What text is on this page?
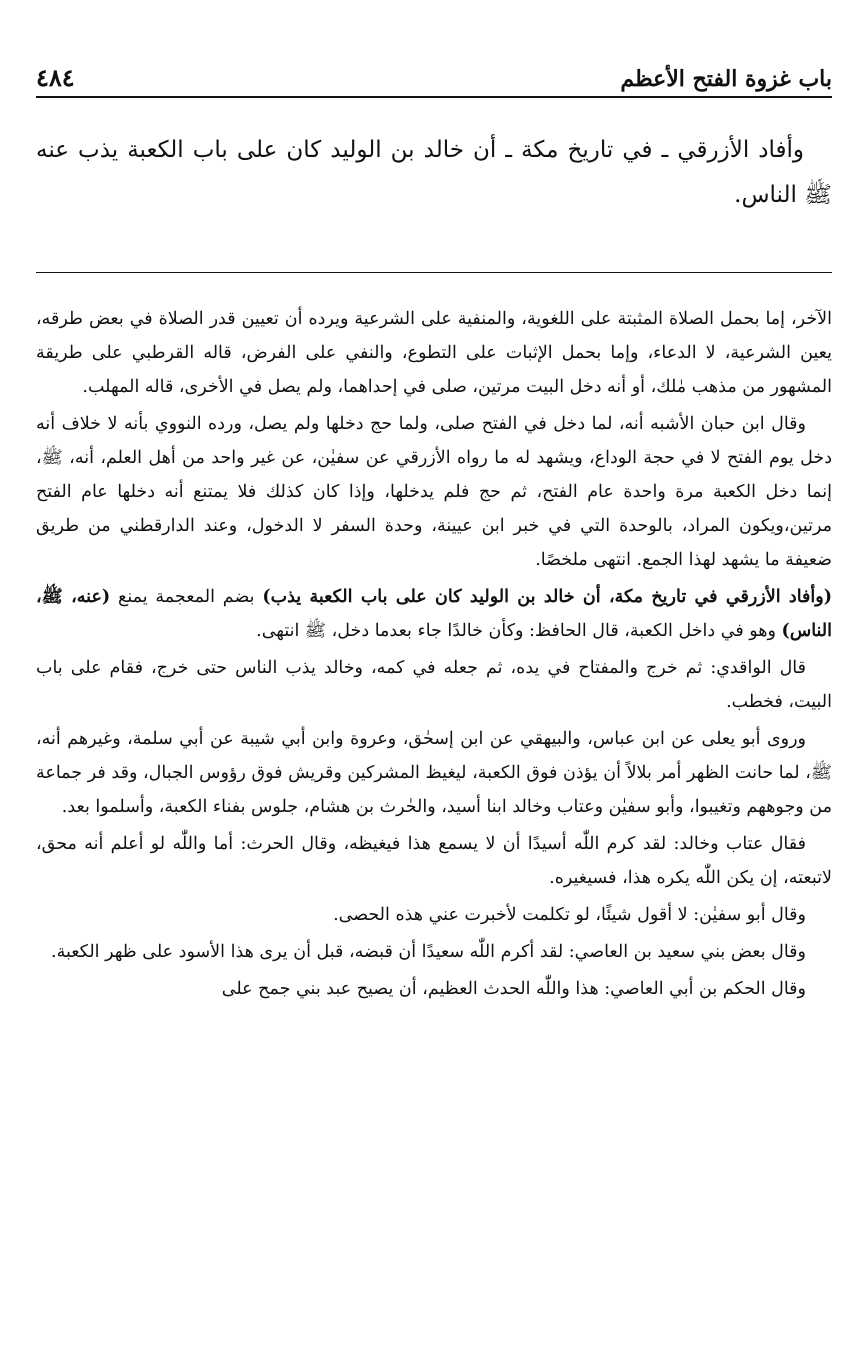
باب غزوة الفتح الأعظم
٤٨٤

وأفاد الأزرقي ـ في تاريخ مكة ـ أن خالد بن الوليد كان على باب الكعبة يذب عنه ﷺ الناس.

الآخر، إما بحمل الصلاة المثبتة على اللغوية، والمنفية على الشرعية ويرده أن تعيين قدر الصلاة في بعض طرقه، يعين الشرعية، لا الدعاء، وإما بحمل الإثبات على التطوع، والنفي على الفرض، قاله القرطبي على طريقة المشهور من مذهب مٰلك، أو أنه دخل البيت مرتين، صلى في إحداهما، ولم يصل في الأخرى، قاله المهلب.

وقال ابن حبان الأشبه أنه، لما دخل في الفتح صلى، ولما حج دخلها ولم يصل، ورده النووي بأنه لا خلاف أنه دخل يوم الفتح لا في حجة الوداع، ويشهد له ما رواه الأزرقي عن سفيٰن، عن غير واحد من أهل العلم، أنه، ﷺ، إنما دخل الكعبة مرة واحدة عام الفتح، ثم حج فلم يدخلها، وإذا كان كذلك فلا يمتنع أنه دخلها عام الفتح مرتين،ويكون المراد، بالوحدة التي في خبر ابن عيينة، وحدة السفر لا الدخول، وعند الدارقطني من طريق ضعيفة ما يشهد لهذا الجمع. انتهى ملخصًا.

(وأفاد الأزرقي في تاريخ مكة، أن خالد بن الوليد كان على باب الكعبة يذب) بضم المعجمة يمنع (عنه، ﷺ، الناس) وهو في داخل الكعبة، قال الحافظ: وكأن خالدًا جاء بعدما دخل، ﷺ انتهى.

قال الواقدي: ثم خرج والمفتاح في يده، ثم جعله في كمه، وخالد يذب الناس حتى خرج، فقام على باب البيت، فخطب.

وروى أبو يعلى عن ابن عباس، والبيهقي عن ابن إسحٰق، وعروة وابن أبي شيبة عن أبي سلمة، وغيرهم أنه، ﷺ، لما حانت الظهر أمر بلالاً أن يؤذن فوق الكعبة، ليغيظ المشركين وقريش فوق رؤوس الجبال، وقد فر جماعة من وجوههم وتغيبوا، وأبو سفيٰن وعتاب وخالد ابنا أسيد، والحٰرث بن هشام، جلوس بفناء الكعبة، وأسلموا بعد.

فقال عتاب وخالد: لقد كرم اللّٰه أسيدًا أن لا يسمع هذا فيغيظه، وقال الحرث: أما واللّٰه لو أعلم أنه محق، لاتبعته، إن يكن اللّٰه يكره هذا، فسيغيره.

وقال أبو سفيٰن: لا أقول شيئًا، لو تكلمت لأخبرت عني هذه الحصى.

وقال بعض بني سعيد بن العاصي: لقد أكرم اللّٰه سعيدًا أن قبضه، قبل أن يرى هذا الأسود على ظهر الكعبة.

وقال الحكم بن أبي العاصي: هذا واللّٰه الحدث العظيم، أن يصيح عبد بني جمح على
